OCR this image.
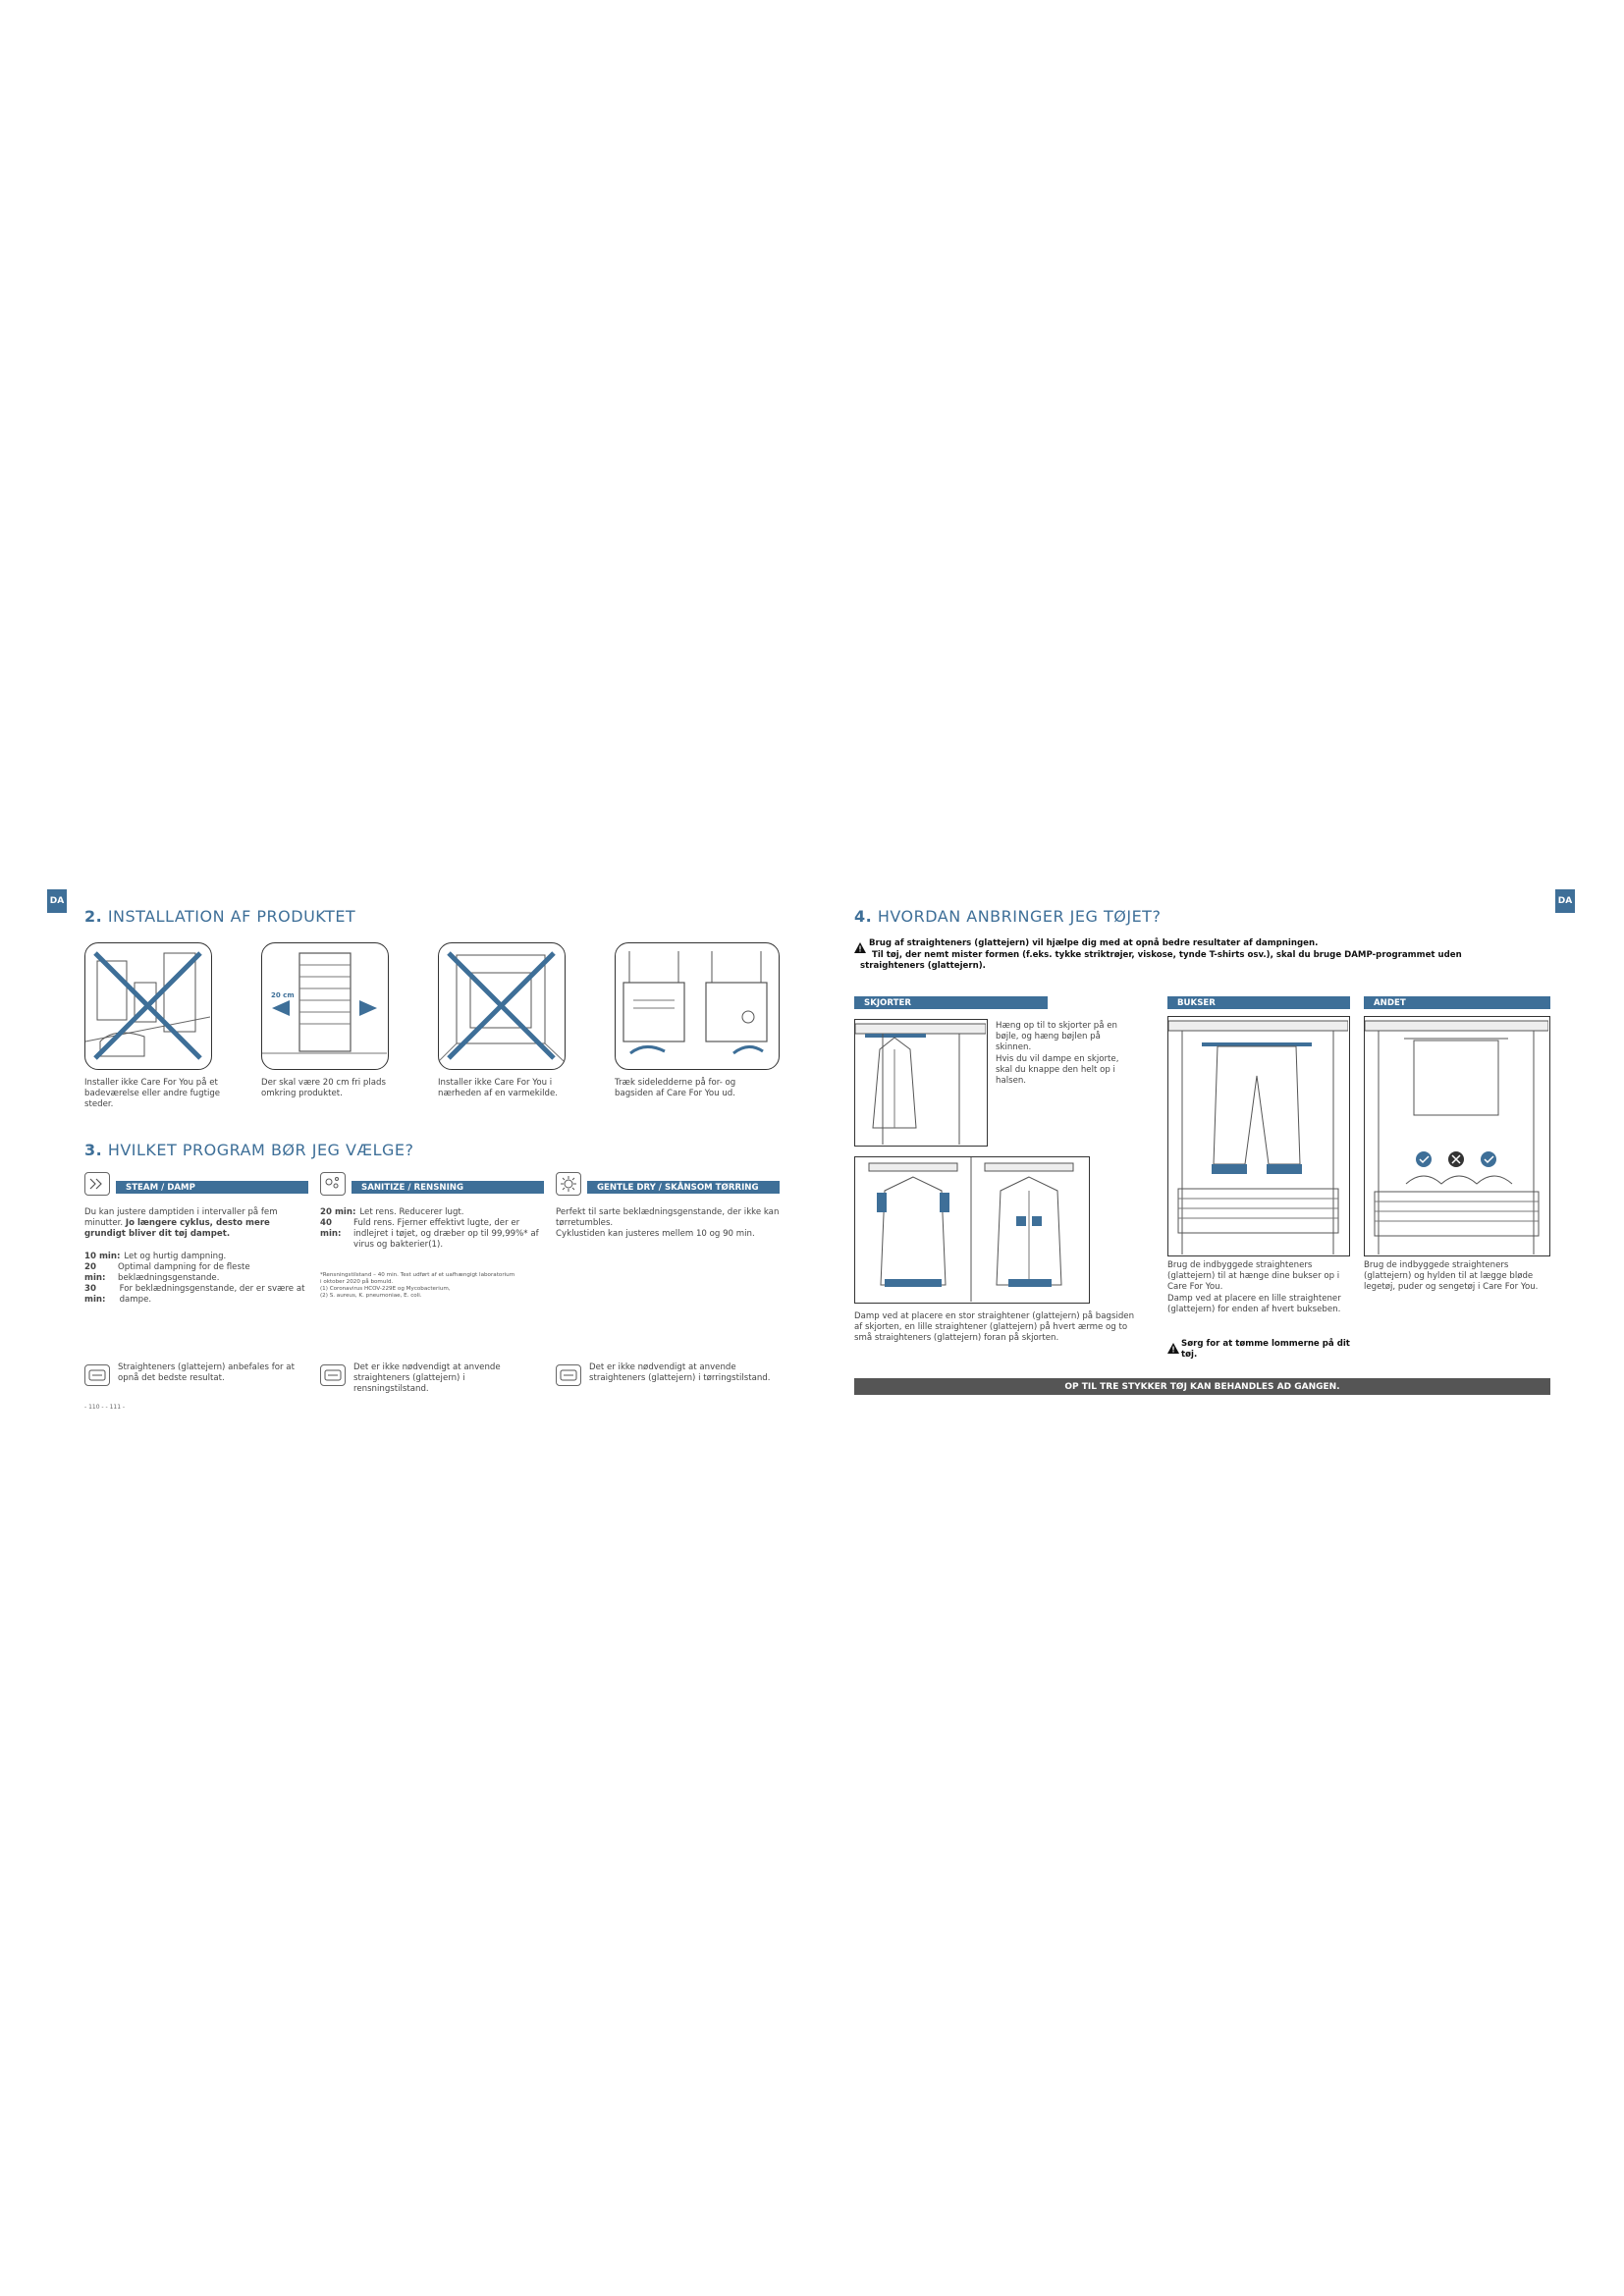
DA
2. INSTALLATION AF PRODUKTET
20 cm
Installer ikke Care For You på et badeværelse eller andre fugtige steder.
Der skal være 20 cm fri plads omkring produktet.
Installer ikke Care For You i nærheden af en varmekilde.
Træk sideledderne på for- og bagsiden af Care For You ud.
3. HVILKET PROGRAM BØR JEG VÆLGE?
STEAM / DAMP	SANITIZE / RENSNING	GENTLE DRY / SKÅNSOM TØRRING
Du kan justere damptiden i intervaller på fem minutter. Jo længere cyklus, desto mere grundigt bliver dit tøj dampet.
10 min: Let og hurtig dampning.
20 min:
Optimal dampning for de fleste beklædningsgenstande.
30 min:
For beklædningsgenstande, der er svære at dampe.
20 min: Let rens. Reducerer lugt.
40 min:
Fuld rens. Fjerner effektivt lugte, der er indlejret i tøjet, og dræber op til 99,99%* af virus og bakterier(1).
*Rensningstilstand – 40 min. Test udført af et uafhængigt laboratorium i oktober 2020 på bomuld.
(1) Coronavirus HCOV-229E og Mycobacterium,
(2) S. aureus, K. pneumoniae, E. coli.
Perfekt til sarte beklædningsgenstande, der ikke kan tørretumbles.
Cyklustiden kan justeres mellem 10 og 90 min.
Straighteners (glattejern) anbefales for at opnå det bedste resultat.
Det er ikke nødvendigt at anvende straighteners (glattejern) i rensningstilstand.
Det er ikke nødvendigt at anvende straighteners (glattejern) i tørringstilstand.
- 110 - - 111 -
DA
4. HVORDAN ANBRINGER JEG TØJET?
Brug af straighteners (glattejern) vil hjælpe dig med at opnå bedre resultater af dampningen.
Til tøj, der nemt mister formen (f.eks. tykke striktrøjer, viskose, tynde T-shirts osv.), skal du bruge DAMP-programmet uden straighteners (glattejern).
SKJORTER	BUKSER	ANDET
Hæng op til to skjorter på en bøjle, og hæng bøjlen på skinnen.
Hvis du vil dampe en skjorte, skal du knappe den helt op i halsen.
Damp ved at placere en stor straightener (glattejern) på bagsiden af skjorten, en lille straightener (glattejern) på hvert ærme og to små straighteners (glattejern) foran på skjorten.
Brug de indbyggede straighteners (glattejern) til at hænge dine bukser op i Care For You.
Damp ved at placere en lille straightener (glattejern) for enden af hvert bukseben.
Sørg for at tømme lommerne på dit tøj.
Brug de indbyggede straighteners (glattejern) og hylden til at lægge bløde legetøj, puder og sengetøj i Care For You.
OP TIL TRE STYKKER TØJ KAN BEHANDLES AD GANGEN.
